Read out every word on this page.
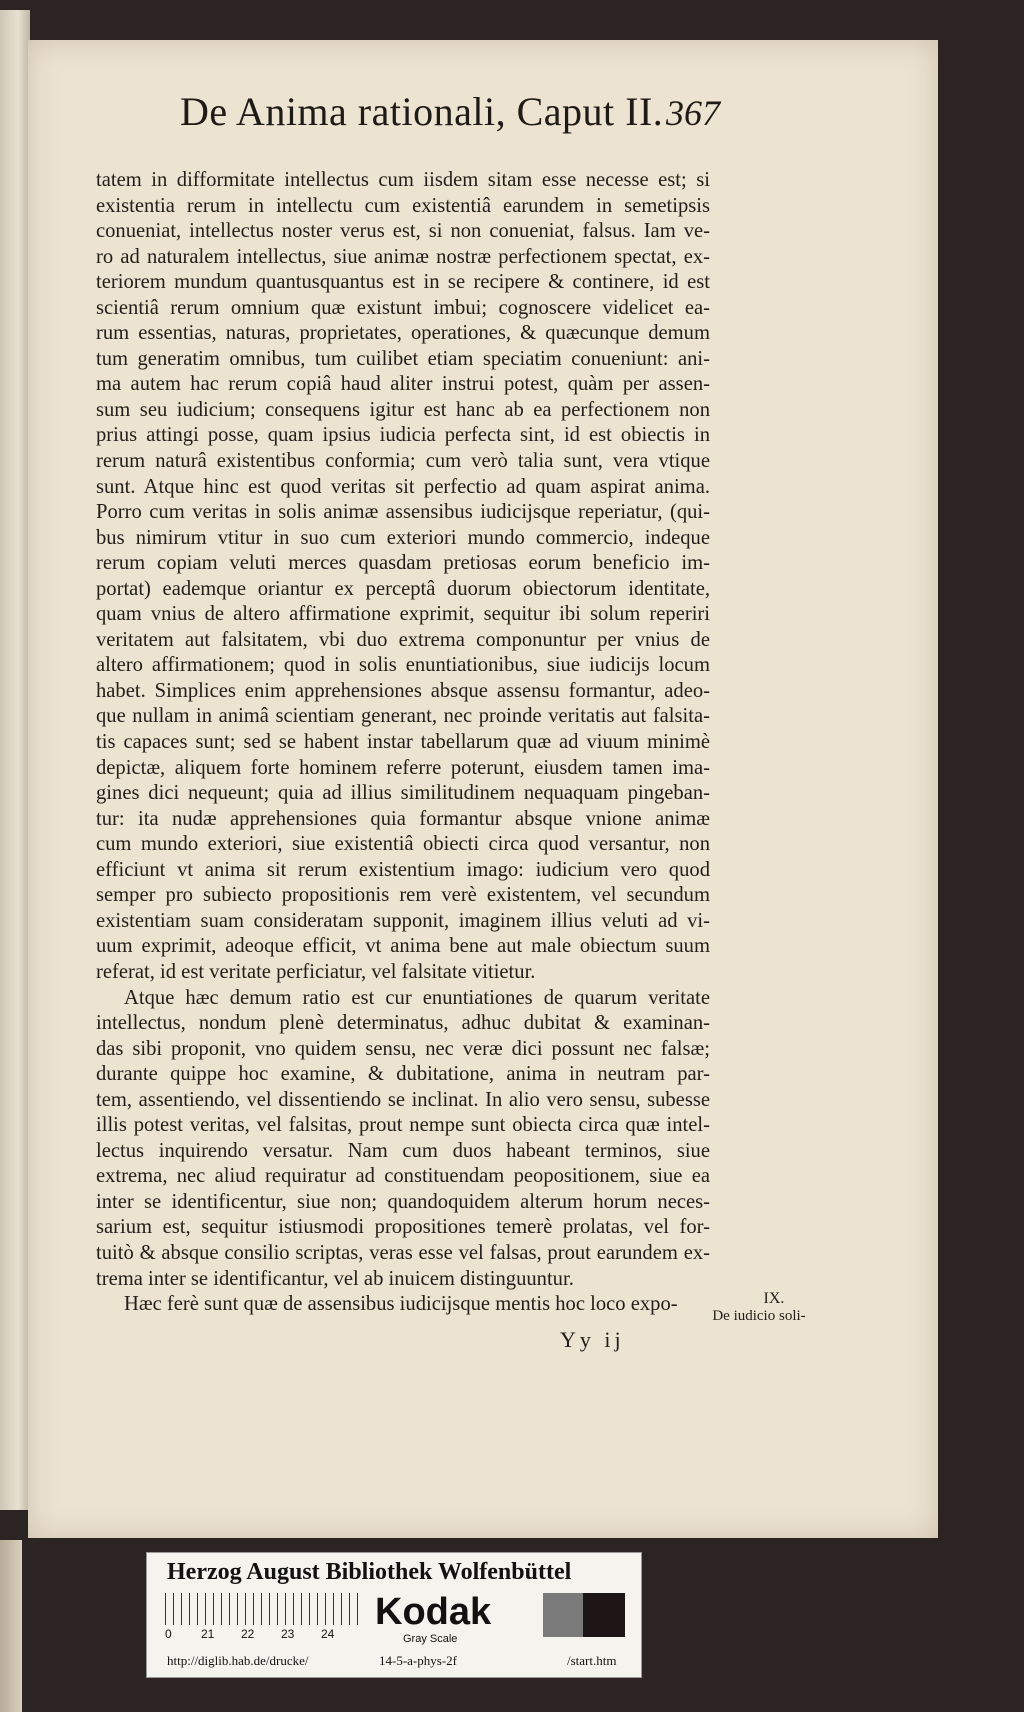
De Anima rationali, Caput II. 367
tatem in difformitate intellectus cum iisdem sitam esse necesse est; si
existentia rerum in intellectu cum existentiâ earundem in semetipsis
conueniat, intellectus noster verus est, si non conueniat, falsus. Iam ve-
ro ad naturalem intellectus, siue animæ nostræ perfectionem spectat, ex-
teriorem mundum quantusquantus est in se recipere & continere, id est
scientiâ rerum omnium quæ existunt imbui; cognoscere videlicet ea-
rum essentias, naturas, proprietates, operationes, & quæcunque demum
tum generatim omnibus, tum cuilibet etiam speciatim conueniunt: ani-
ma autem hac rerum copiâ haud aliter instrui potest, quàm per assen-
sum seu iudicium; consequens igitur est hanc ab ea perfectionem non
prius attingi posse, quam ipsius iudicia perfecta sint, id est obiectis in
rerum naturâ existentibus conformia; cum verò talia sunt, vera vtique
sunt. Atque hinc est quod veritas sit perfectio ad quam aspirat anima.
Porro cum veritas in solis animæ assensibus iudicijsque reperiatur, (qui-
bus nimirum vtitur in suo cum exteriori mundo commercio, indeque
rerum copiam veluti merces quasdam pretiosas eorum beneficio im-
portat) eademque oriantur ex perceptâ duorum obiectorum identitate,
quam vnius de altero affirmatione exprimit, sequitur ibi solum reperiri
veritatem aut falsitatem, vbi duo extrema componuntur per vnius de
altero affirmationem; quod in solis enuntiationibus, siue iudicijs locum
habet. Simplices enim apprehensiones absque assensu formantur, adeo-
que nullam in animâ scientiam generant, nec proinde veritatis aut falsita-
tis capaces sunt; sed se habent instar tabellarum quæ ad viuum minimè
depictæ, aliquem forte hominem referre poterunt, eiusdem tamen ima-
gines dici nequeunt; quia ad illius similitudinem nequaquam pingeban-
tur: ita nudæ apprehensiones quia formantur absque vnione animæ
cum mundo exteriori, siue existentiâ obiecti circa quod versantur, non
efficiunt vt anima sit rerum existentium imago: iudicium vero quod
semper pro subiecto propositionis rem verè existentem, vel secundum
existentiam suam consideratam supponit, imaginem illius veluti ad vi-
uum exprimit, adeoque efficit, vt anima bene aut male obiectum suum
referat, id est veritate perficiatur, vel falsitate vitietur.
Atque hæc demum ratio est cur enuntiationes de quarum veritate
intellectus, nondum plenè determinatus, adhuc dubitat & examinan-
das sibi proponit, vno quidem sensu, nec veræ dici possunt nec falsæ;
durante quippe hoc examine, & dubitatione, anima in neutram par-
tem, assentiendo, vel dissentiendo se inclinat. In alio vero sensu, subesse
illis potest veritas, vel falsitas, prout nempe sunt obiecta circa quæ intel-
lectus inquirendo versatur. Nam cum duos habeant terminos, siue
extrema, nec aliud requiratur ad constituendam peopositionem, siue ea
inter se identificentur, siue non; quandoquidem alterum horum neces-
sarium est, sequitur istiusmodi propositiones temerè prolatas, vel for-
tuitò & absque consilio scriptas, veras esse vel falsas, prout earundem ex-
trema inter se identificantur, vel ab inuicem distinguuntur.
Hæc ferè sunt quæ de assensibus iudicijsque mentis hoc loco expo-	IX.
De iudicio soli-
Yy ij
Herzog August Bibliothek Wolfenbüttel
0 21 22 23 24
Kodak
Gray Scale
http://diglib.hab.de/drucke/	14-5-a-phys-2f	/start.htm
